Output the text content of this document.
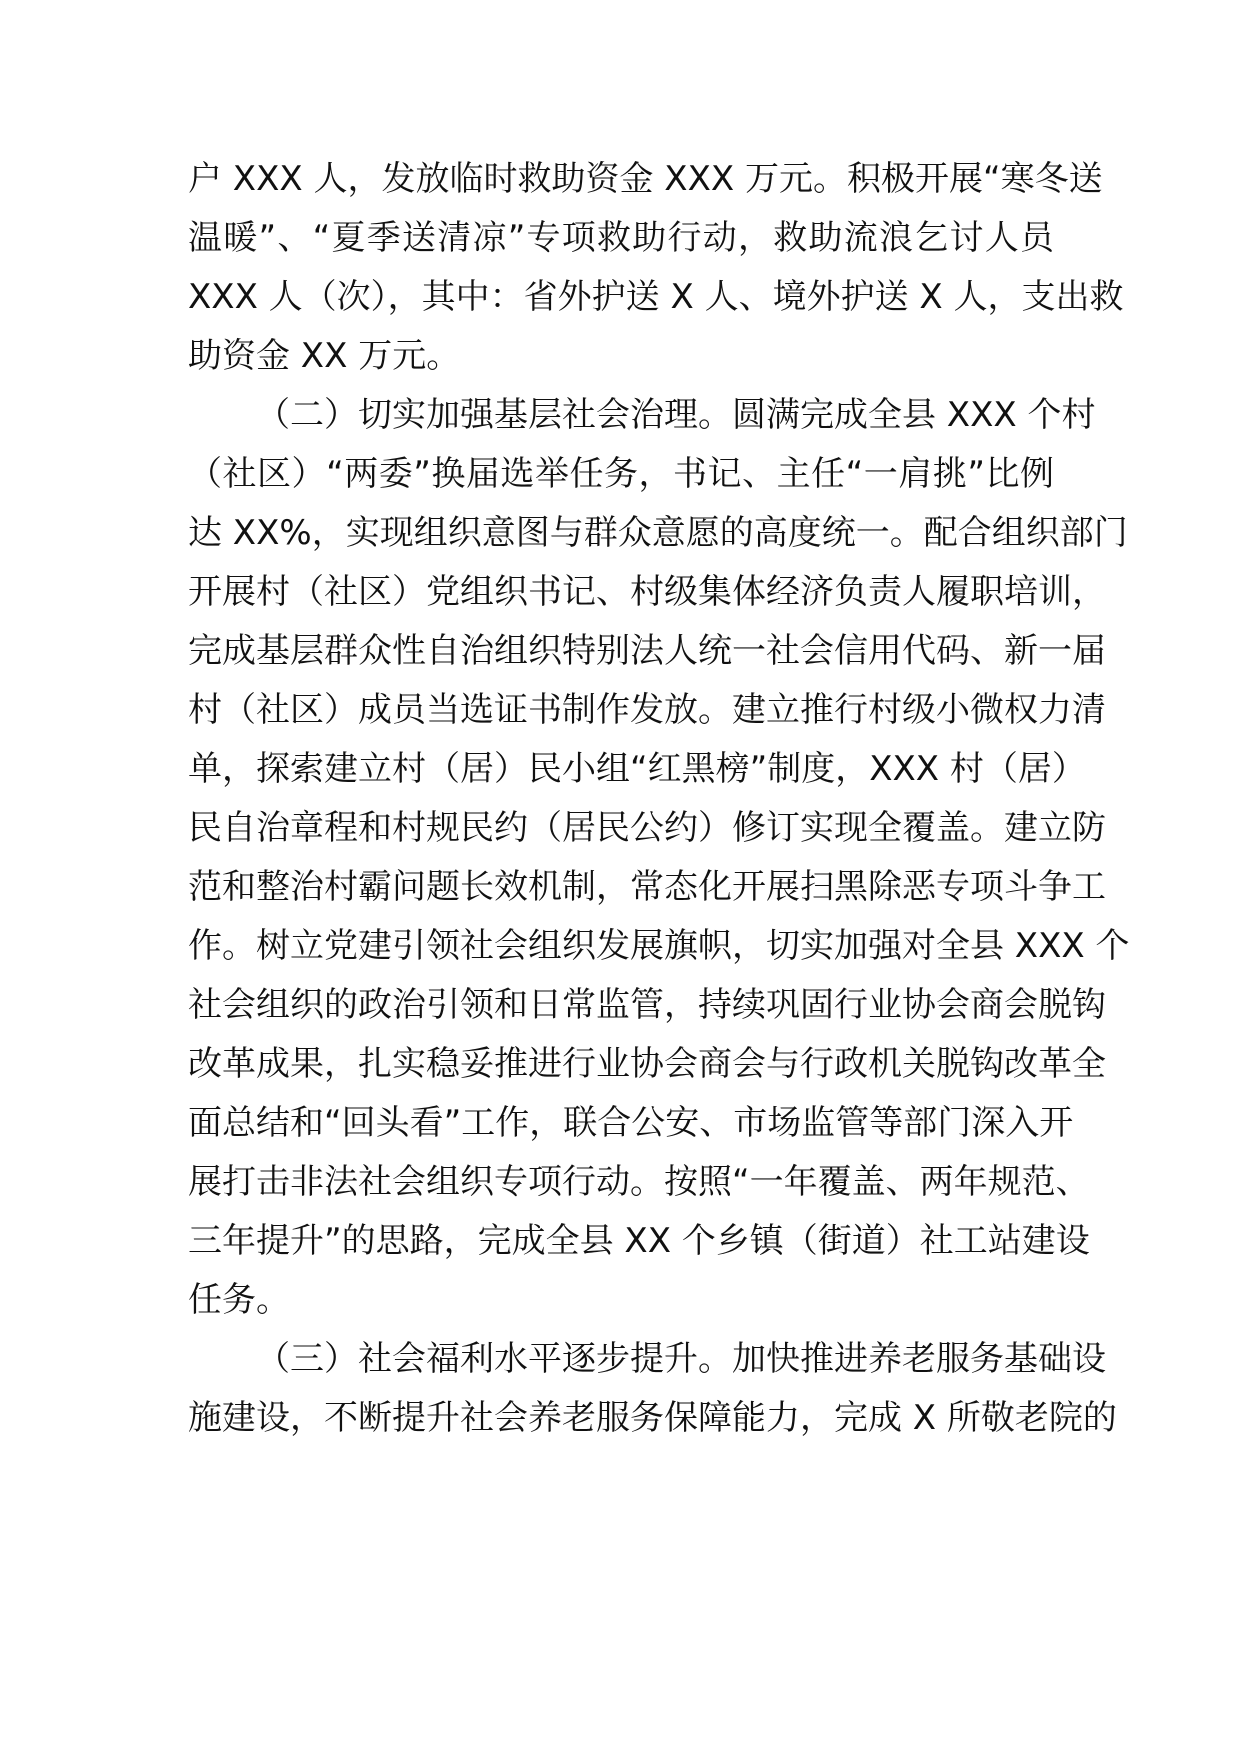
户 XXX 人，发放临时救助资金 XXX 万元。积极开展“寒冬送
温暖”、“夏季送清凉”专项救助行动，救助流浪乞讨人员
XXX 人（次），其中：省外护送 X 人、境外护送 X 人，支出救
助资金 XX 万元。
（二）切实加强基层社会治理。圆满完成全县 XXX 个村
（社区）“两委”换届选举任务，书记、主任“一肩挑”比例
达 XX%，实现组织意图与群众意愿的高度统一。配合组织部门
开展村（社区）党组织书记、村级集体经济负责人履职培训，
完成基层群众性自治组织特别法人统一社会信用代码、新一届
村（社区）成员当选证书制作发放。建立推行村级小微权力清
单，探索建立村（居）民小组“红黑榜”制度，XXX 村（居）
民自治章程和村规民约（居民公约）修订实现全覆盖。建立防
范和整治村霸问题长效机制，常态化开展扫黑除恶专项斗争工
作。树立党建引领社会组织发展旗帜，切实加强对全县 XXX 个
社会组织的政治引领和日常监管，持续巩固行业协会商会脱钩
改革成果，扎实稳妥推进行业协会商会与行政机关脱钩改革全
面总结和“回头看”工作，联合公安、市场监管等部门深入开
展打击非法社会组织专项行动。按照“一年覆盖、两年规范、
三年提升”的思路，完成全县 XX 个乡镇（街道）社工站建设
任务。
（三）社会福利水平逐步提升。加快推进养老服务基础设
施建设，不断提升社会养老服务保障能力，完成 X 所敬老院的
